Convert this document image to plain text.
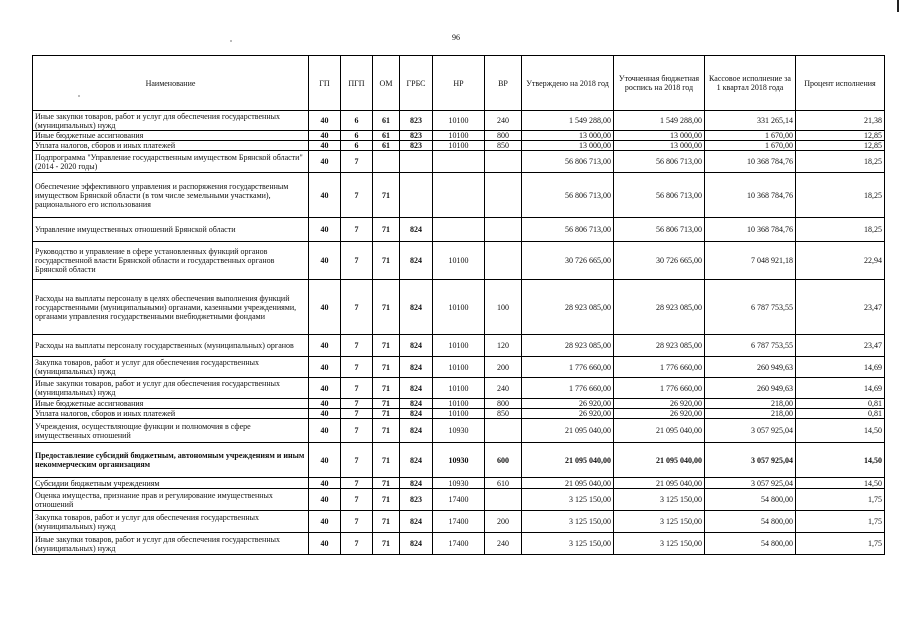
96
Наименование	ГП	ПГП	ОМ	ГРБС	НР	ВР	Утверждено на 2018 год	Уточненная бюджетная роспись на 2018 год	Кассовое исполнение за 1 квартал 2018 года	Процент исполнения
Иные закупки товаров, работ и услуг для обеспечения государственных (муниципальных) нужд	40	6	61	823	10100	240	1 549 288,00	1 549 288,00	331 265,14	21,38
Иные бюджетные ассигнования	40	6	61	823	10100	800	13 000,00	13 000,00	1 670,00	12,85
Уплата налогов, сборов и иных платежей	40	6	61	823	10100	850	13 000,00	13 000,00	1 670,00	12,85
Подпрограмма "Управление государственным имуществом Брянской области" (2014 - 2020 годы)	40	7					56 806 713,00	56 806 713,00	10 368 784,76	18,25
Обеспечение эффективного управления и распоряжения государственным имуществом Брянской области (в том числе земельными участками), рационального его использования	40	7	71				56 806 713,00	56 806 713,00	10 368 784,76	18,25
Управление имущественных отношений Брянской области	40	7	71	824			56 806 713,00	56 806 713,00	10 368 784,76	18,25
Руководство и управление в сфере установленных функций органов государственной власти Брянской области и государственных органов Брянской области	40	7	71	824	10100		30 726 665,00	30 726 665,00	7 048 921,18	22,94
Расходы на выплаты персоналу в целях обеспечения выполнения функций государственными (муниципальными) органами, казенными учреждениями, органами управления государственными внебюджетными фондами	40	7	71	824	10100	100	28 923 085,00	28 923 085,00	6 787 753,55	23,47
Расходы на выплаты персоналу государственных (муниципальных) органов	40	7	71	824	10100	120	28 923 085,00	28 923 085,00	6 787 753,55	23,47
Закупка товаров, работ и услуг для обеспечения государственных (муниципальных) нужд	40	7	71	824	10100	200	1 776 660,00	1 776 660,00	260 949,63	14,69
Иные закупки товаров, работ и услуг для обеспечения государственных (муниципальных) нужд	40	7	71	824	10100	240	1 776 660,00	1 776 660,00	260 949,63	14,69
Иные бюджетные ассигнования	40	7	71	824	10100	800	26 920,00	26 920,00	218,00	0,81
Уплата налогов, сборов и иных платежей	40	7	71	824	10100	850	26 920,00	26 920,00	218,00	0,81
Учреждения, осуществляющие функции и полномочия в сфере имущественных отношений	40	7	71	824	10930		21 095 040,00	21 095 040,00	3 057 925,04	14,50
Предоставление субсидий бюджетным, автономным учреждениям и иным некоммерческим организациям	40	7	71	824	10930	600	21 095 040,00	21 095 040,00	3 057 925,04	14,50
Субсидии бюджетным учреждениям	40	7	71	824	10930	610	21 095 040,00	21 095 040,00	3 057 925,04	14,50
Оценка имущества, признание прав и регулирование имущественных отношений	40	7	71	823	17400		3 125 150,00	3 125 150,00	54 800,00	1,75
Закупка товаров, работ и услуг для обеспечения государственных (муниципальных) нужд	40	7	71	824	17400	200	3 125 150,00	3 125 150,00	54 800,00	1,75
Иные закупки товаров, работ и услуг для обеспечения государственных (муниципальных) нужд	40	7	71	824	17400	240	3 125 150,00	3 125 150,00	54 800,00	1,75
